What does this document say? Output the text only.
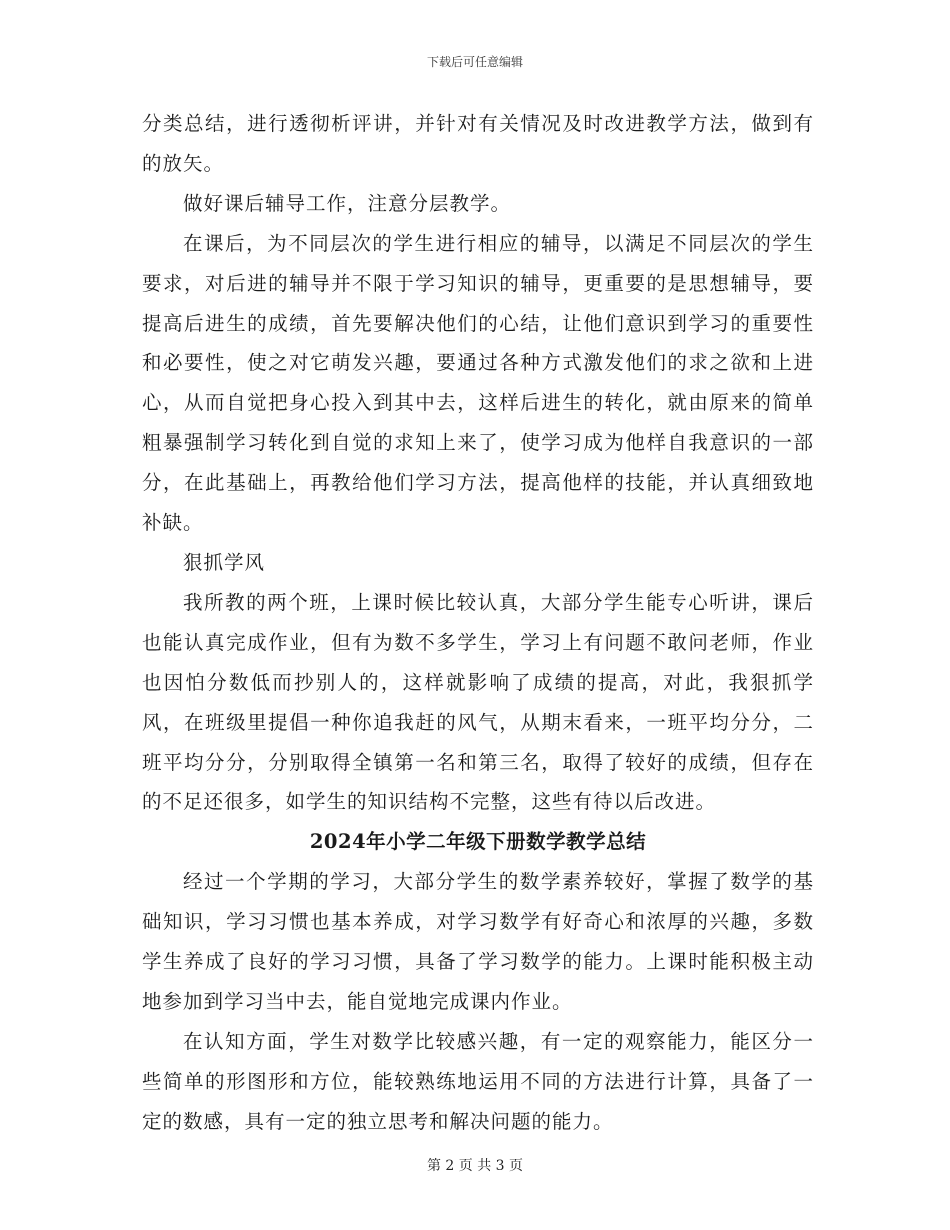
下载后可任意编辑

分类总结，进行透彻析评讲，并针对有关情况及时改进教学方法，做到有的放矢。

做好课后辅导工作，注意分层教学。

在课后，为不同层次的学生进行相应的辅导，以满足不同层次的学生要求，对后进的辅导并不限于学习知识的辅导，更重要的是思想辅导，要提高后进生的成绩，首先要解决他们的心结，让他们意识到学习的重要性和必要性，使之对它萌发兴趣，要通过各种方式激发他们的求之欲和上进心，从而自觉把身心投入到其中去，这样后进生的转化，就由原来的简单粗暴强制学习转化到自觉的求知上来了，使学习成为他样自我意识的一部分，在此基础上，再教给他们学习方法，提高他样的技能，并认真细致地补缺。

狠抓学风

我所教的两个班，上课时候比较认真，大部分学生能专心听讲，课后也能认真完成作业，但有为数不多学生，学习上有问题不敢问老师，作业也因怕分数低而抄别人的，这样就影响了成绩的提高，对此，我狠抓学风，在班级里提倡一种你追我赶的风气，从期末看来，一班平均分分，二班平均分分，分别取得全镇第一名和第三名，取得了较好的成绩，但存在的不足还很多，如学生的知识结构不完整，这些有待以后改进。

2024年小学二年级下册数学教学总结

经过一个学期的学习，大部分学生的数学素养较好，掌握了数学的基础知识，学习习惯也基本养成，对学习数学有好奇心和浓厚的兴趣，多数学生养成了良好的学习习惯，具备了学习数学的能力。上课时能积极主动地参加到学习当中去，能自觉地完成课内作业。

在认知方面，学生对数学比较感兴趣，有一定的观察能力，能区分一些简单的形图形和方位，能较熟练地运用不同的方法进行计算，具备了一定的数感，具有一定的独立思考和解决问题的能力。

第 2 页 共 3 页
